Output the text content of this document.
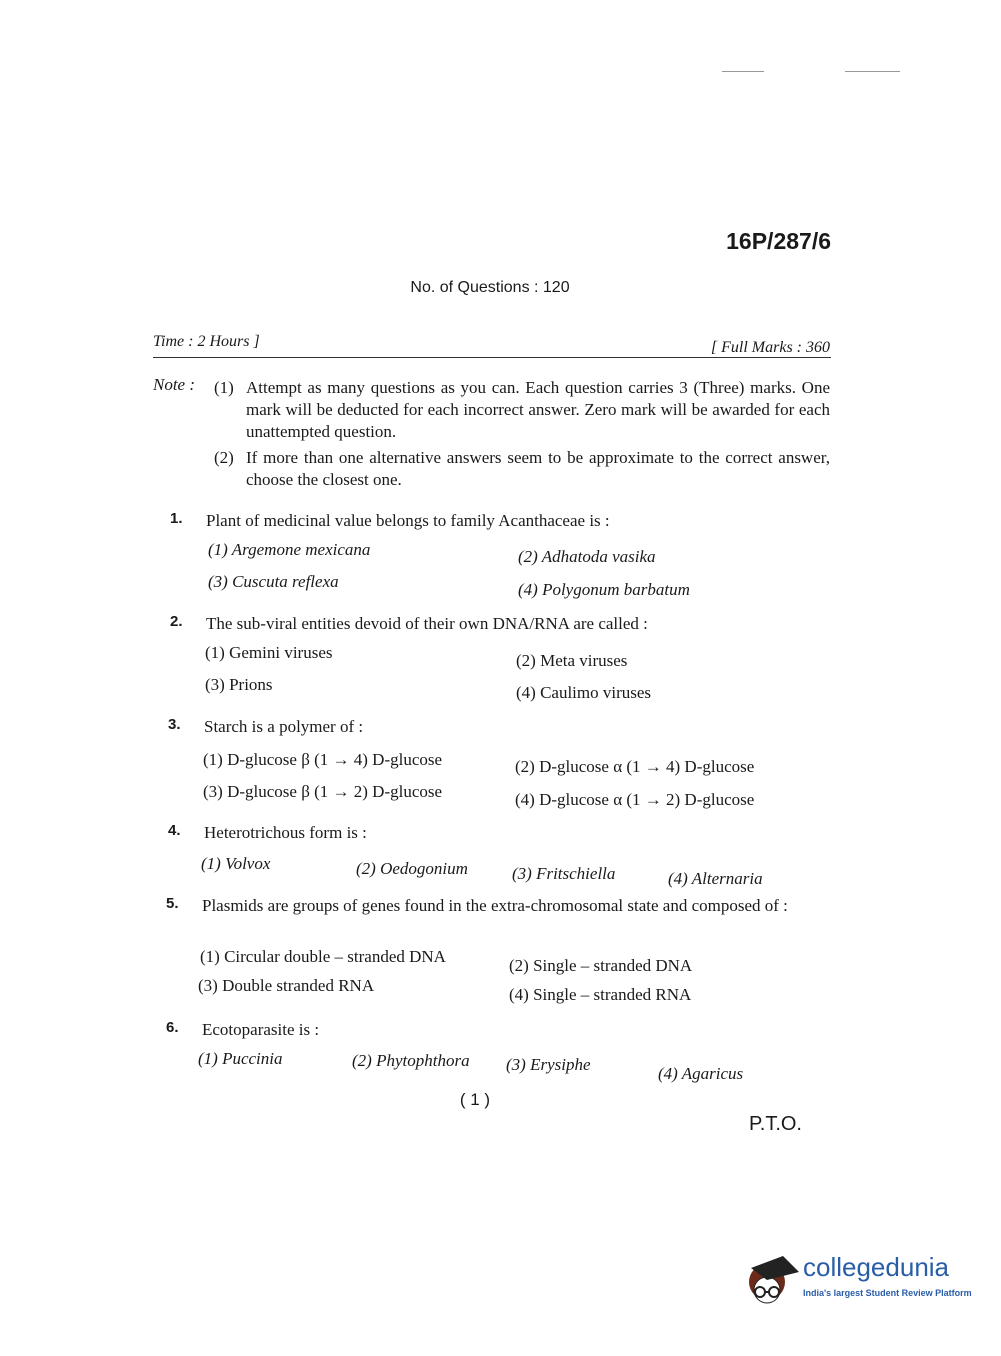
16P/287/6
No. of Questions : 120
Time : 2 Hours ]	[ Full Marks : 360
Note : (1) Attempt as many questions as you can. Each question carries 3 (Three) marks. One mark will be deducted for each incorrect answer. Zero mark will be awarded for each unattempted question.
(2) If more than one alternative answers seem to be approximate to the correct answer, choose the closest one.
1. Plant of medicinal value belongs to family Acanthaceae is :
(1) Argemone mexicana	(2) Adhatoda vasika
(3) Cuscuta reflexa	(4) Polygonum barbatum
2. The sub-viral entities devoid of their own DNA/RNA are called :
(1) Gemini viruses	(2) Meta viruses
(3) Prions	(4) Caulimo viruses
3. Starch is a polymer of :
(1) D-glucose β (1 → 4) D-glucose	(2) D-glucose α (1 → 4) D-glucose
(3) D-glucose β (1 → 2) D-glucose	(4) D-glucose α (1 → 2) D-glucose
4. Heterotrichous form is :
(1) Volvox	(2) Oedogonium	(3) Fritschiella	(4) Alternaria
5. Plasmids are groups of genes found in the extra-chromosomal state and composed of :
(1) Circular double – stranded DNA	(2) Single – stranded DNA
(3) Double stranded RNA	(4) Single – stranded RNA
6. Ecotoparasite is :
(1) Puccinia	(2) Phytophthora (3) Erysiphe	(4) Agaricus
( 1 )
P.T.O.
collegedunia
India's largest Student Review Platform
